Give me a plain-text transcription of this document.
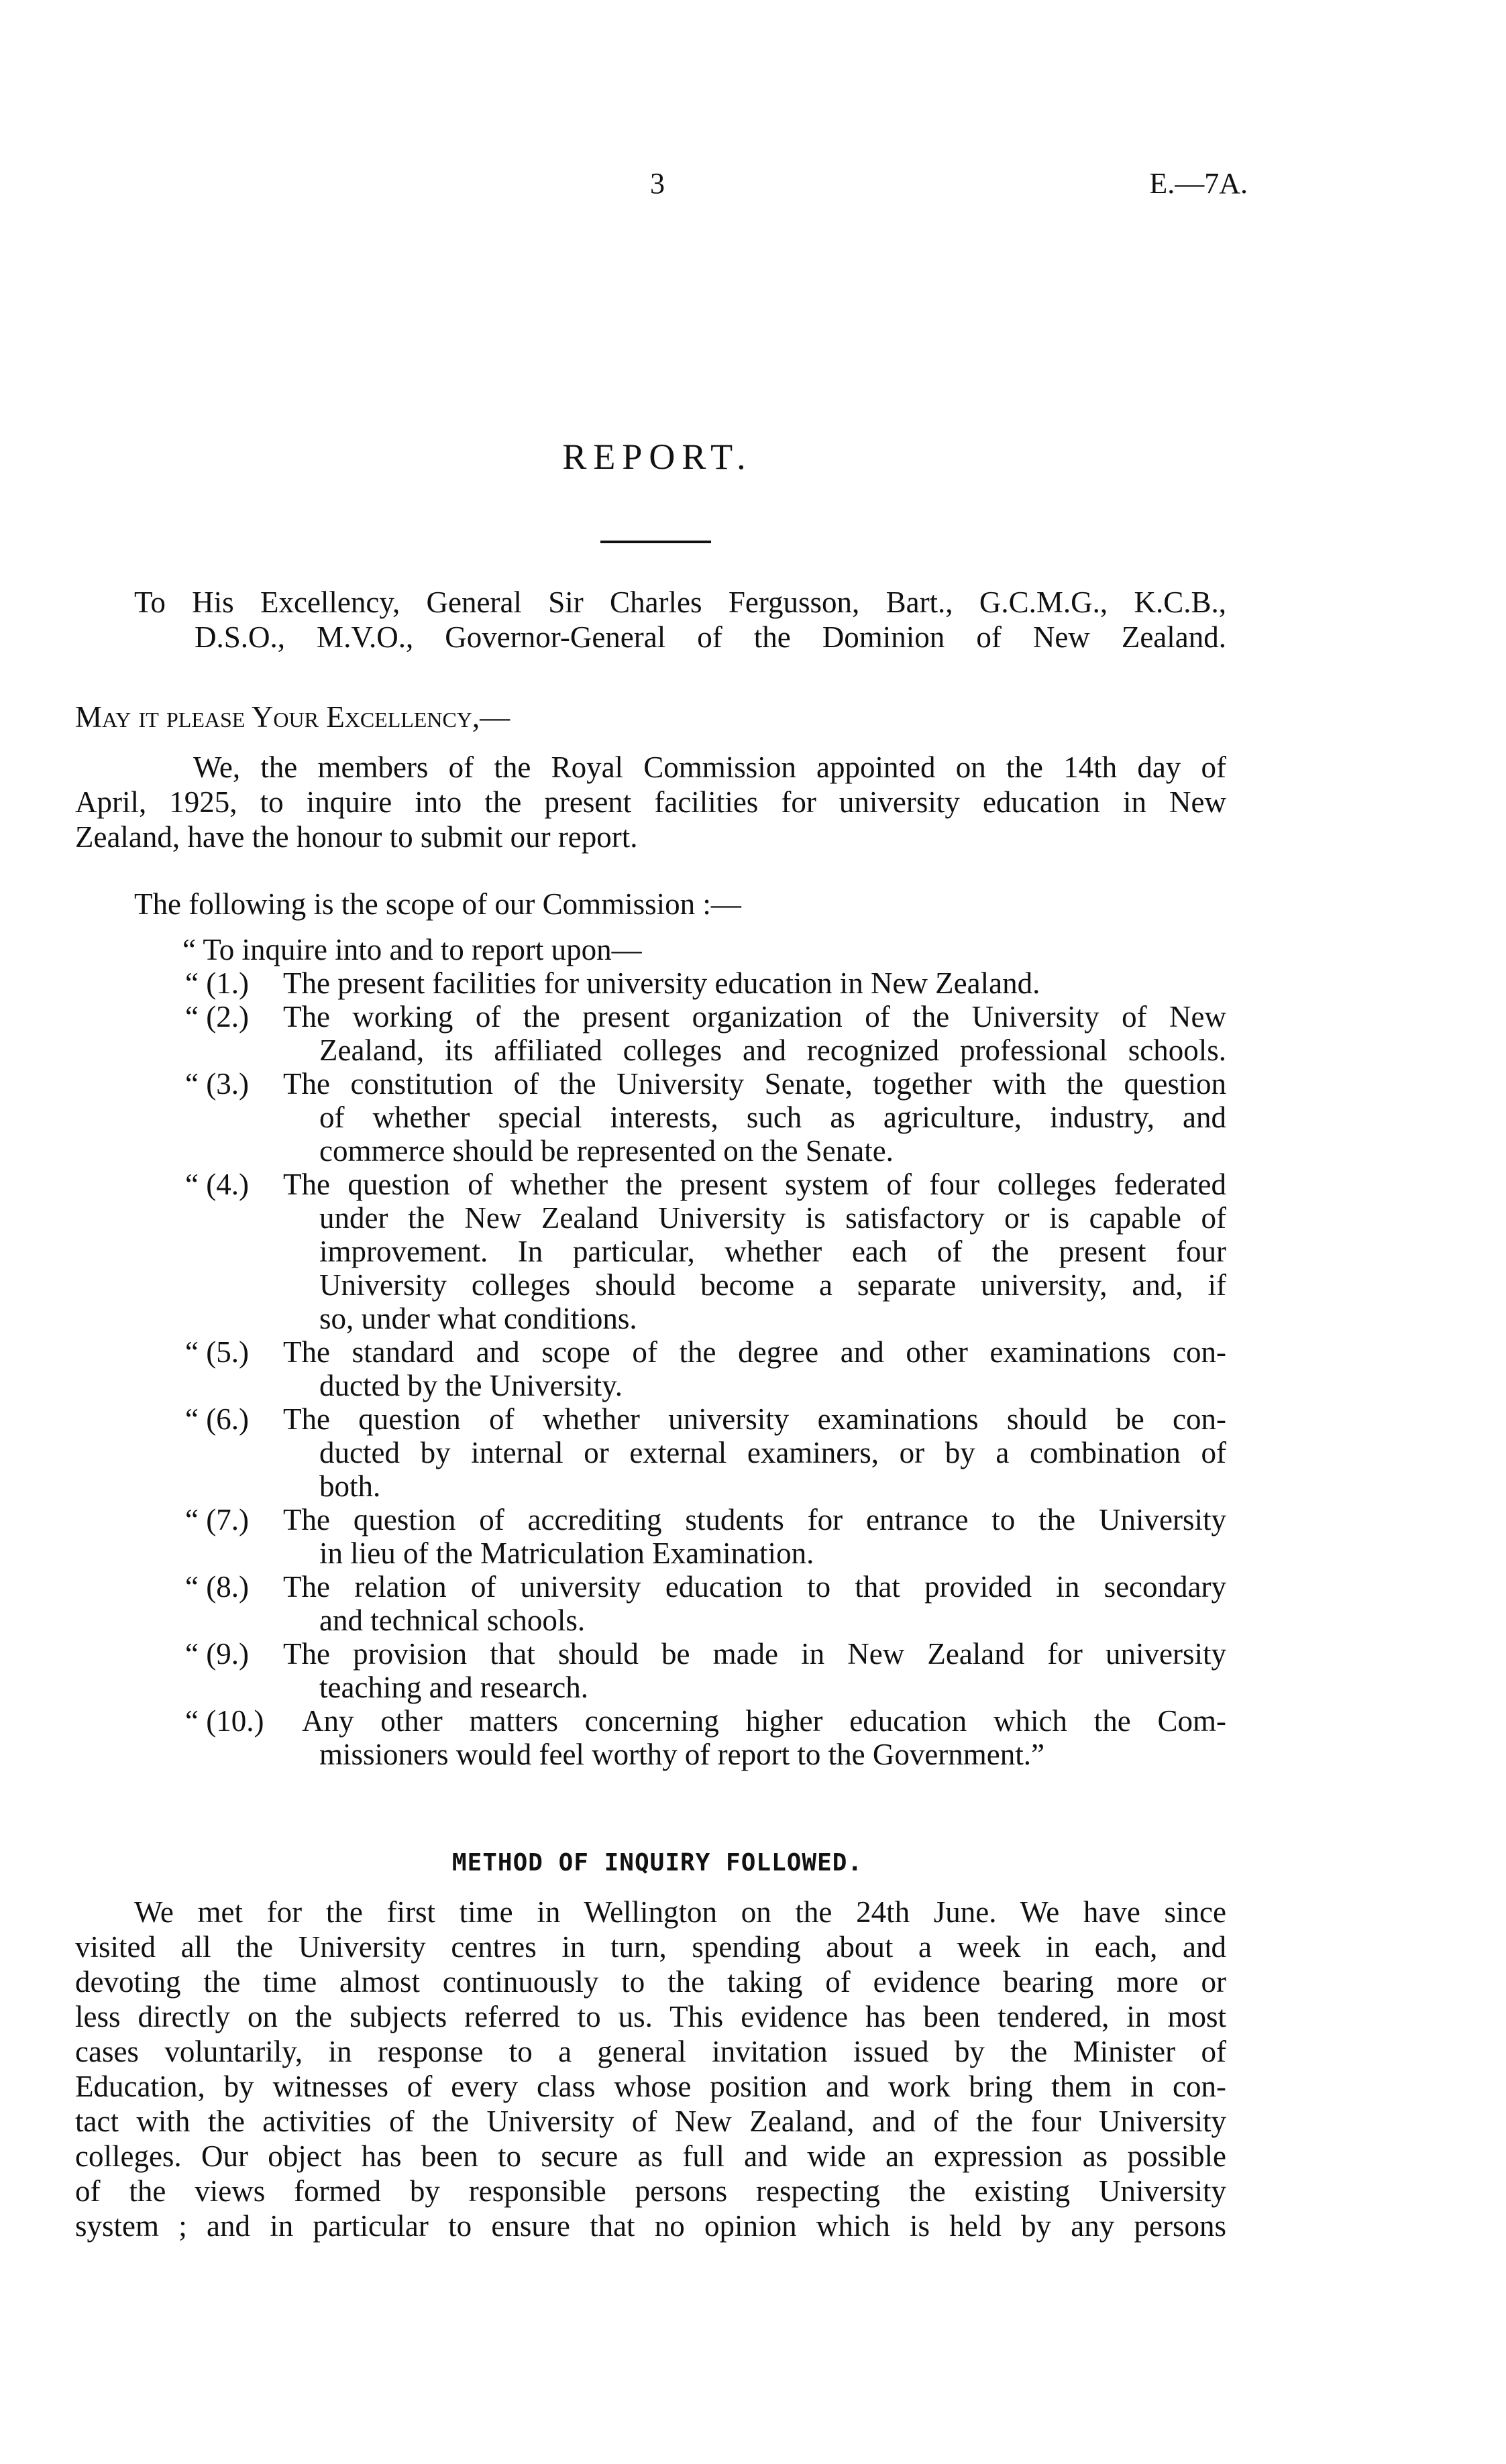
3	E.—7A.
REPORT.
To His Excellency, General Sir Charles Fergusson, Bart., G.C.M.G., K.C.B.,
D.S.O., M.V.O., Governor-General of the Dominion of New Zealand.
May it please Your Excellency,—
We, the members of the Royal Commission appointed on the 14th day of
April, 1925, to inquire into the present facilities for university education in New
Zealand, have the honour to submit our report.
The following is the scope of our Commission :—
“ To inquire into and to report upon—
“ (1.) The present facilities for university education in New Zealand.
“ (2.) The working of the present organization of the University of New
Zealand, its affiliated colleges and recognized professional schools.
“ (3.) The constitution of the University Senate, together with the question
of whether special interests, such as agriculture, industry, and
commerce should be represented on the Senate.
“ (4.) The question of whether the present system of four colleges federated
under the New Zealand University is satisfactory or is capable of
improvement. In particular, whether each of the present four
University colleges should become a separate university, and, if
so, under what conditions.
“ (5.) The standard and scope of the degree and other examinations con-
ducted by the University.
“ (6.) The question of whether university examinations should be con-
ducted by internal or external examiners, or by a combination of
both.
“ (7.) The question of accrediting students for entrance to the University
in lieu of the Matriculation Examination.
“ (8.) The relation of university education to that provided in secondary
and technical schools.
“ (9.) The provision that should be made in New Zealand for university
teaching and research.
“ (10.) Any other matters concerning higher education which the Com-
missioners would feel worthy of report to the Government.”
METHOD OF INQUIRY FOLLOWED.
We met for the first time in Wellington on the 24th June. We have since
visited all the University centres in turn, spending about a week in each, and
devoting the time almost continuously to the taking of evidence bearing more or
less directly on the subjects referred to us. This evidence has been tendered, in most
cases voluntarily, in response to a general invitation issued by the Minister of
Education, by witnesses of every class whose position and work bring them in con-
tact with the activities of the University of New Zealand, and of the four University
colleges. Our object has been to secure as full and wide an expression as possible
of the views formed by responsible persons respecting the existing University
system ; and in particular to ensure that no opinion which is held by any persons
